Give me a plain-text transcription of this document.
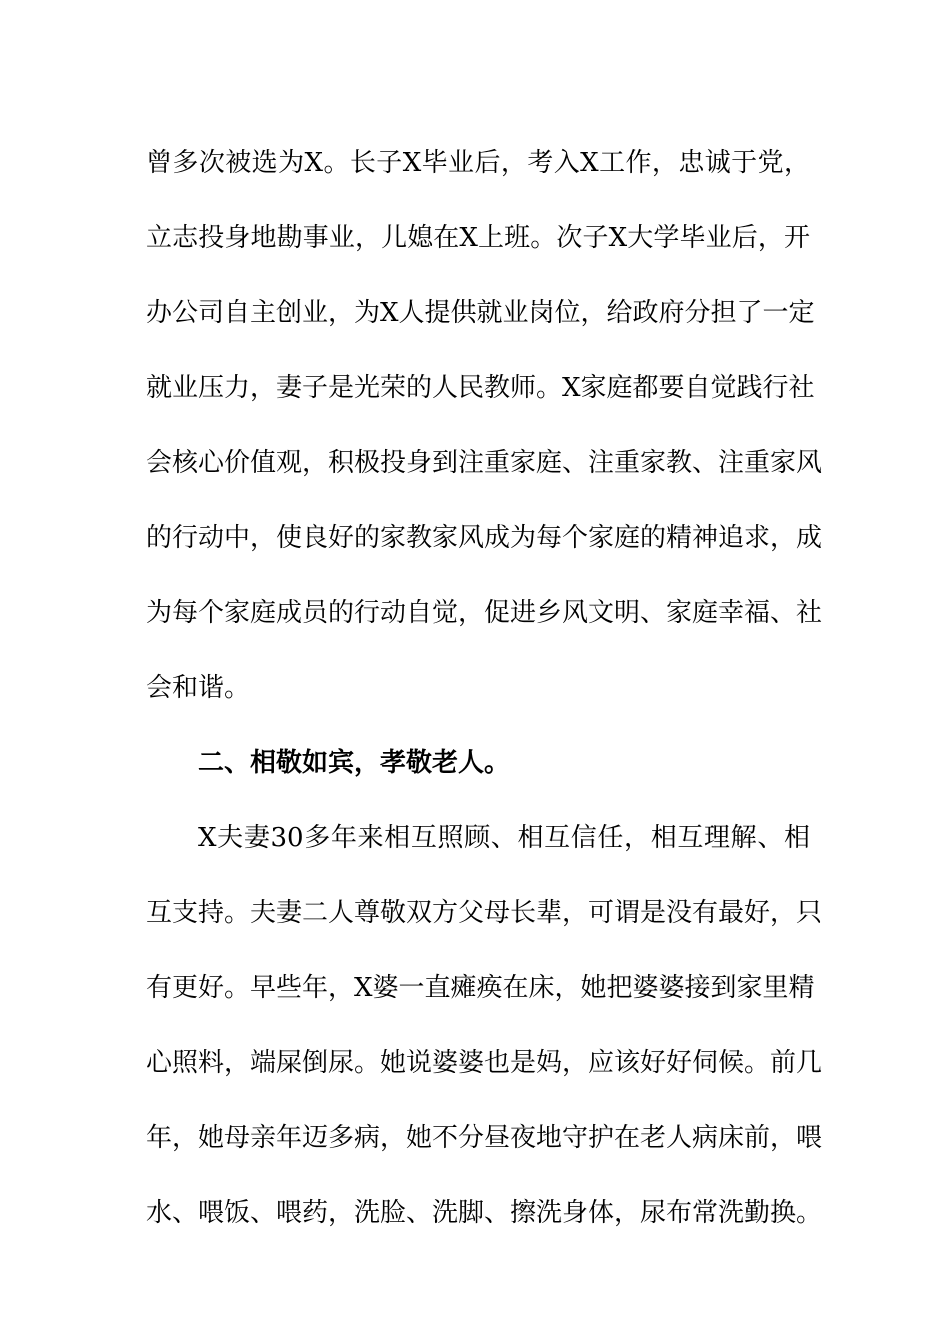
曾多次被选为X。长子X毕业后，考入X工作，忠诚于党，
立志投身地勘事业，儿媳在X上班。次子X大学毕业后，开
办公司自主创业，为X人提供就业岗位，给政府分担了一定
就业压力，妻子是光荣的人民教师。X家庭都要自觉践行社
会核心价值观，积极投身到注重家庭、注重家教、注重家风
的行动中，使良好的家教家风成为每个家庭的精神追求，成
为每个家庭成员的行动自觉，促进乡风文明、家庭幸福、社
会和谐。
二、相敬如宾，孝敬老人。
X夫妻30多年来相互照顾、相互信任，相互理解、相
互支持。夫妻二人尊敬双方父母长辈，可谓是没有最好，只
有更好。早些年，X婆一直瘫痪在床，她把婆婆接到家里精
心照料，端屎倒尿。她说婆婆也是妈，应该好好伺候。前几
年，她母亲年迈多病，她不分昼夜地守护在老人病床前，喂
水、喂饭、喂药，洗脸、洗脚、擦洗身体，尿布常洗勤换。
